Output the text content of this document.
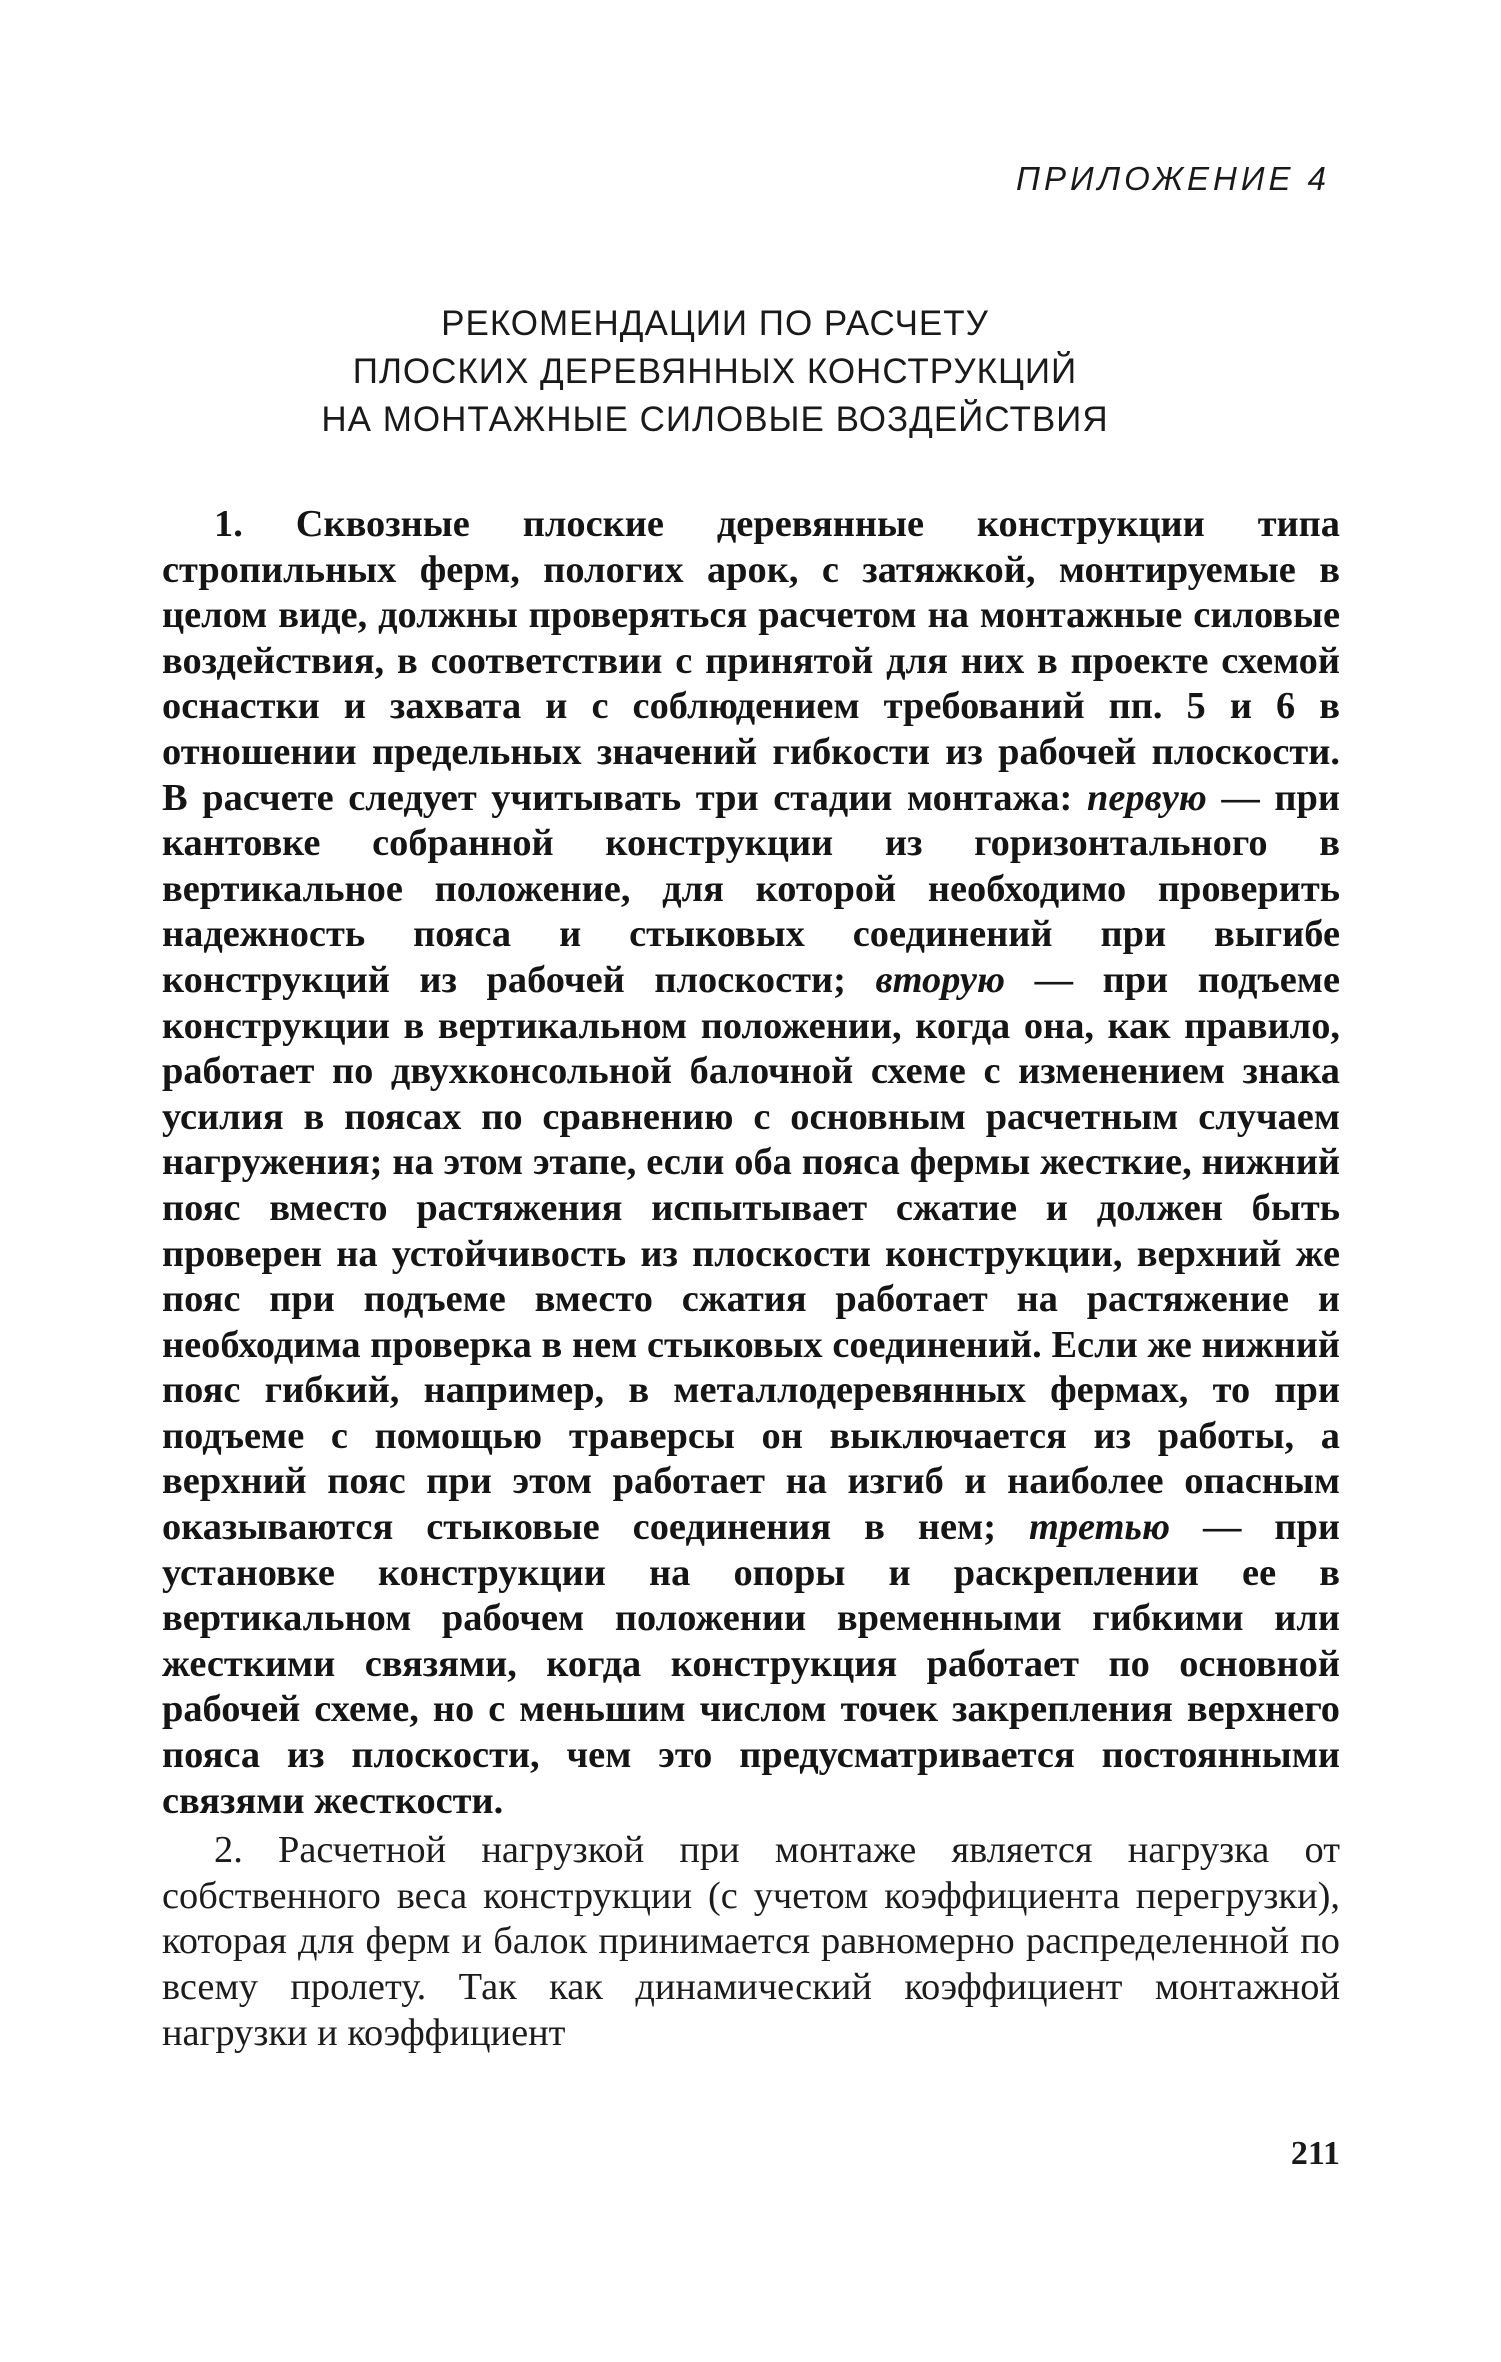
ПРИЛОЖЕНИЕ 4
РЕКОМЕНДАЦИИ ПО РАСЧЕТУ
ПЛОСКИХ ДЕРЕВЯННЫХ КОНСТРУКЦИЙ
НА МОНТАЖНЫЕ СИЛОВЫЕ ВОЗДЕЙСТВИЯ

1. Сквозные плоские деревянные конструкции типа стропильных ферм, пологих арок, с затяжкой, монтируемые в целом виде, должны проверяться расчетом на монтажные силовые воздействия, в соответствии с принятой для них в проекте схемой оснастки и захвата и с соблюдением требований пп. 5 и 6 в отношении предельных значений гибкости из рабочей плоскости. В расчете следует учитывать три стадии монтажа: первую — при кантовке собранной конструкции из горизонтального в вертикальное положение, для которой необходимо проверить надежность пояса и стыковых соединений при выгибе конструкций из рабочей плоскости; вторую — при подъеме конструкции в вертикальном положении, когда она, как правило, работает по двухконсольной балочной схеме с изменением знака усилия в поясах по сравнению с основным расчетным случаем нагружения; на этом этапе, если оба пояса фермы жесткие, нижний пояс вместо растяжения испытывает сжатие и должен быть проверен на устойчивость из плоскости конструкции, верхний же пояс при подъеме вместо сжатия работает на растяжение и необходима проверка в нем стыковых соединений. Если же нижний пояс гибкий, например, в металлодеревянных фермах, то при подъеме с помощью траверсы он выключается из работы, а верхний пояс при этом работает на изгиб и наиболее опасным оказываются стыковые соединения в нем; третью — при установке конструкции на опоры и раскреплении ее в вертикальном рабочем положении временными гибкими или жесткими связями, когда конструкция работает по основной рабочей схеме, но с меньшим числом точек закрепления верхнего пояса из плоскости, чем это предусматривается постоянными связями жесткости.

2. Расчетной нагрузкой при монтаже является нагрузка от собственного веса конструкции (с учетом коэффициента перегрузки), которая для ферм и балок принимается равномерно распределенной по всему пролету. Так как динамический коэффициент монтажной нагрузки и коэффициент

211
